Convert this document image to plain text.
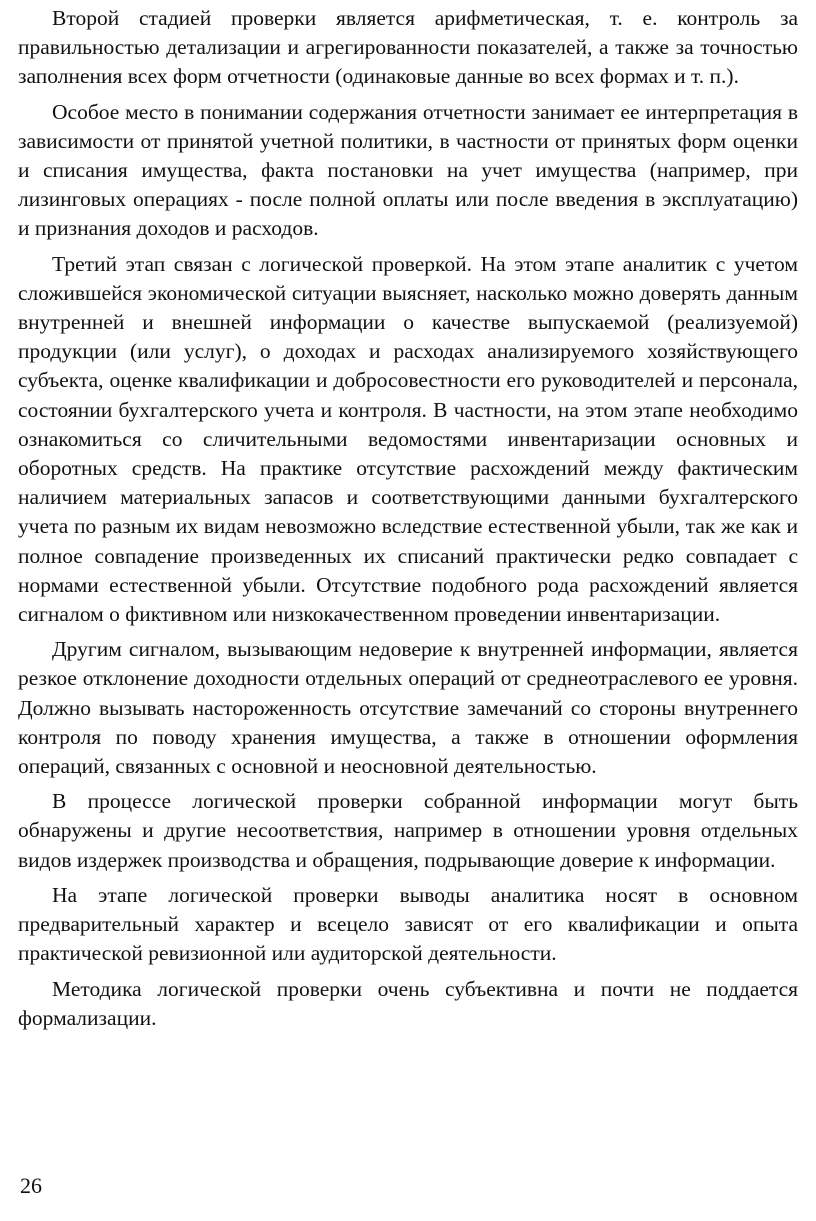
Второй стадией проверки является арифметическая, т. е. контроль за правильностью детализации и агрегированности показателей, а также за точностью заполнения всех форм отчетности (одинаковые данные во всех формах и т. п.).

Особое место в понимании содержания отчетности занимает ее интерпретация в зависимости от принятой учетной политики, в частности от принятых форм оценки и списания имущества, факта постановки на учет имущества (например, при лизинговых операциях - после полной оплаты или после введения в эксплуатацию) и признания доходов и расходов.

Третий этап связан с логической проверкой. На этом этапе аналитик с учетом сложившейся экономической ситуации выясняет, насколько можно доверять данным внутренней и внешней информации о качестве выпускаемой (реализуемой) продукции (или услуг), о доходах и расходах анализируемого хозяйствующего субъекта, оценке квалификации и добросовестности его руководителей и персонала, состоянии бухгалтерского учета и контроля. В частности, на этом этапе необходимо ознакомиться со сличительными ведомостями инвентаризации основных и оборотных средств. На практике отсутствие расхождений между фактическим наличием материальных запасов и соответствующими данными бухгалтерского учета по разным их видам невозможно вследствие естественной убыли, так же как и полное совпадение произведенных их списаний практически редко совпадает с нормами естественной убыли. Отсутствие подобного рода расхождений является сигналом о фиктивном или низкокачественном проведении инвентаризации.

Другим сигналом, вызывающим недоверие к внутренней информации, является резкое отклонение доходности отдельных операций от среднеотраслевого ее уровня. Должно вызывать настороженность отсутствие замечаний со стороны внутреннего контроля по поводу хранения имущества, а также в отношении оформления операций, связанных с основной и неосновной деятельностью.

В процессе логической проверки собранной информации могут быть обнаружены и другие несоответствия, например в отношении уровня отдельных видов издержек производства и обращения, подрывающие доверие к информации.

На этапе логической проверки выводы аналитика носят в основном предварительный характер и всецело зависят от его квалификации и опыта практической ревизионной или аудиторской деятельности.

Методика логической проверки очень субъективна и почти не поддается формализации.

26
